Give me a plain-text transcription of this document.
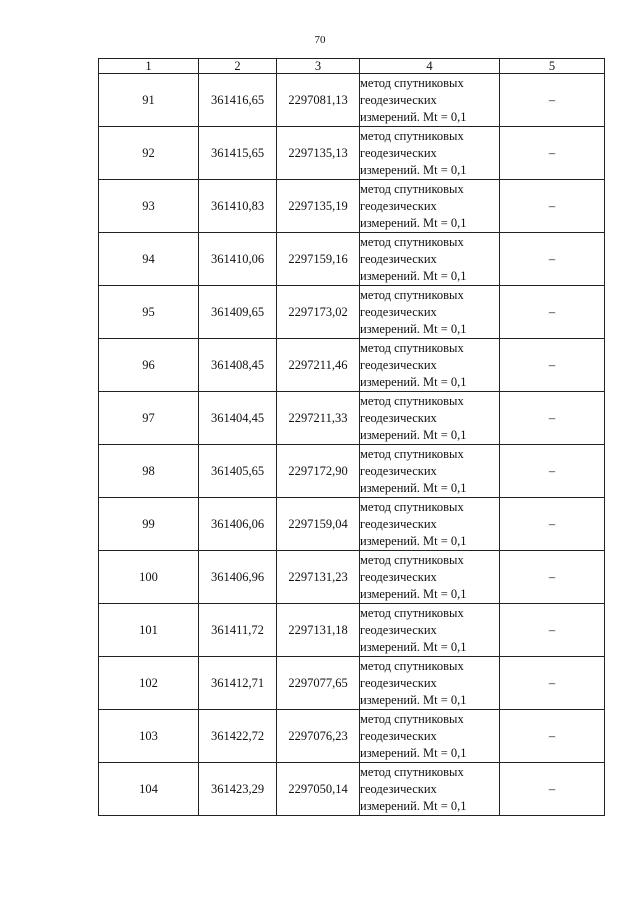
70
1	2	3	4	5
91	361416,65	2297081,13	метод спутниковых
геодезических
измерений. Mt = 0,1	–
92	361415,65	2297135,13	метод спутниковых
геодезических
измерений. Mt = 0,1	–
93	361410,83	2297135,19	метод спутниковых
геодезических
измерений. Mt = 0,1	–
94	361410,06	2297159,16	метод спутниковых
геодезических
измерений. Mt = 0,1	–
95	361409,65	2297173,02	метод спутниковых
геодезических
измерений. Mt = 0,1	–
96	361408,45	2297211,46	метод спутниковых
геодезических
измерений. Mt = 0,1	–
97	361404,45	2297211,33	метод спутниковых
геодезических
измерений. Mt = 0,1	–
98	361405,65	2297172,90	метод спутниковых
геодезических
измерений. Mt = 0,1	–
99	361406,06	2297159,04	метод спутниковых
геодезических
измерений. Mt = 0,1	–
100	361406,96	2297131,23	метод спутниковых
геодезических
измерений. Mt = 0,1	–
101	361411,72	2297131,18	метод спутниковых
геодезических
измерений. Mt = 0,1	–
102	361412,71	2297077,65	метод спутниковых
геодезических
измерений. Mt = 0,1	–
103	361422,72	2297076,23	метод спутниковых
геодезических
измерений. Mt = 0,1	–
104	361423,29	2297050,14	метод спутниковых
геодезических
измерений. Mt = 0,1	–
